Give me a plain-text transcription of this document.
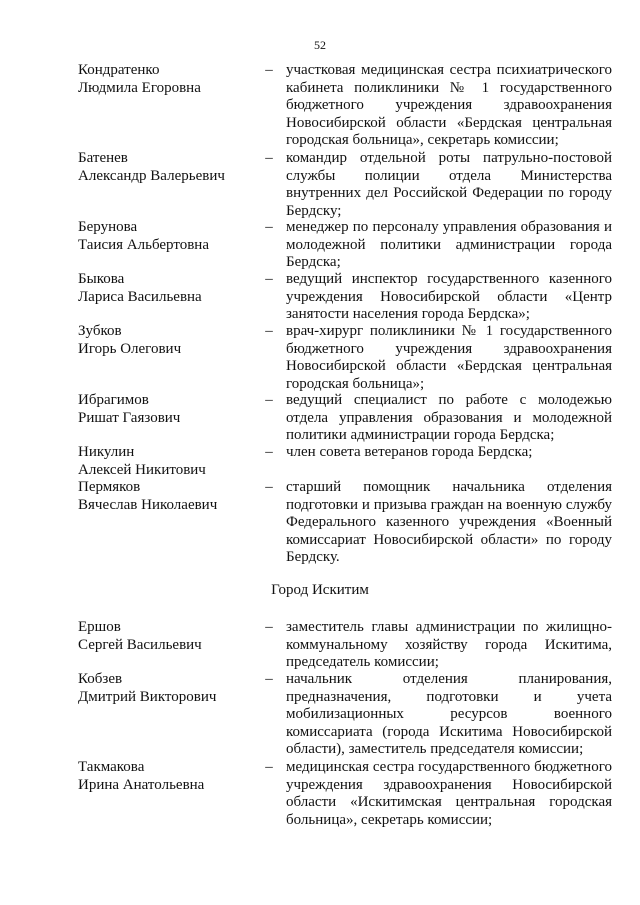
52
Кондратенко
Людмила Егоровна
– участковая медицинская сестра психиатрического кабинета поликлиники № 1 государственного бюджетного учреждения здравоохранения Новосибирской области «Бердская центральная городская больница», секретарь комиссии;
Батенев
Александр Валерьевич
– командир отдельной роты патрульно-постовой службы полиции отдела Министерства внутренних дел Российской Федерации по городу Бердску;
Берунова
Таисия Альбертовна
– менеджер по персоналу управления образования и молодежной политики администрации города Бердска;
Быкова
Лариса Васильевна
– ведущий инспектор государственного казенного учреждения Новосибирской области «Центр занятости населения города Бердска»;
Зубков
Игорь Олегович
– врач-хирург поликлиники № 1 государственного бюджетного учреждения здравоохранения Новосибирской области «Бердская центральная городская больница»;
Ибрагимов
Ришат Гаязович
– ведущий специалист по работе с молодежью отдела управления образования и молодежной политики администрации города Бердска;
Никулин
Алексей Никитович
– член совета ветеранов города Бердска;
Пермяков
Вячеслав Николаевич
– старший помощник начальника отделения подготовки и призыва граждан на военную службу Федерального казенного учреждения «Военный комиссариат Новосибирской области» по городу Бердску.
Город Искитим
Ершов
Сергей Васильевич
– заместитель главы администрации по жилищно-коммунальному хозяйству города Искитима, председатель комиссии;
Кобзев
Дмитрий Викторович
– начальник отделения планирования, предназначения, подготовки и учета мобилизационных ресурсов военного комиссариата (города Искитима Новосибирской области), заместитель председателя комиссии;
Такмакова
Ирина Анатольевна
– медицинская сестра государственного бюджетного учреждения здравоохранения Новосибирской области «Искитимская центральная городская больница», секретарь комиссии;
